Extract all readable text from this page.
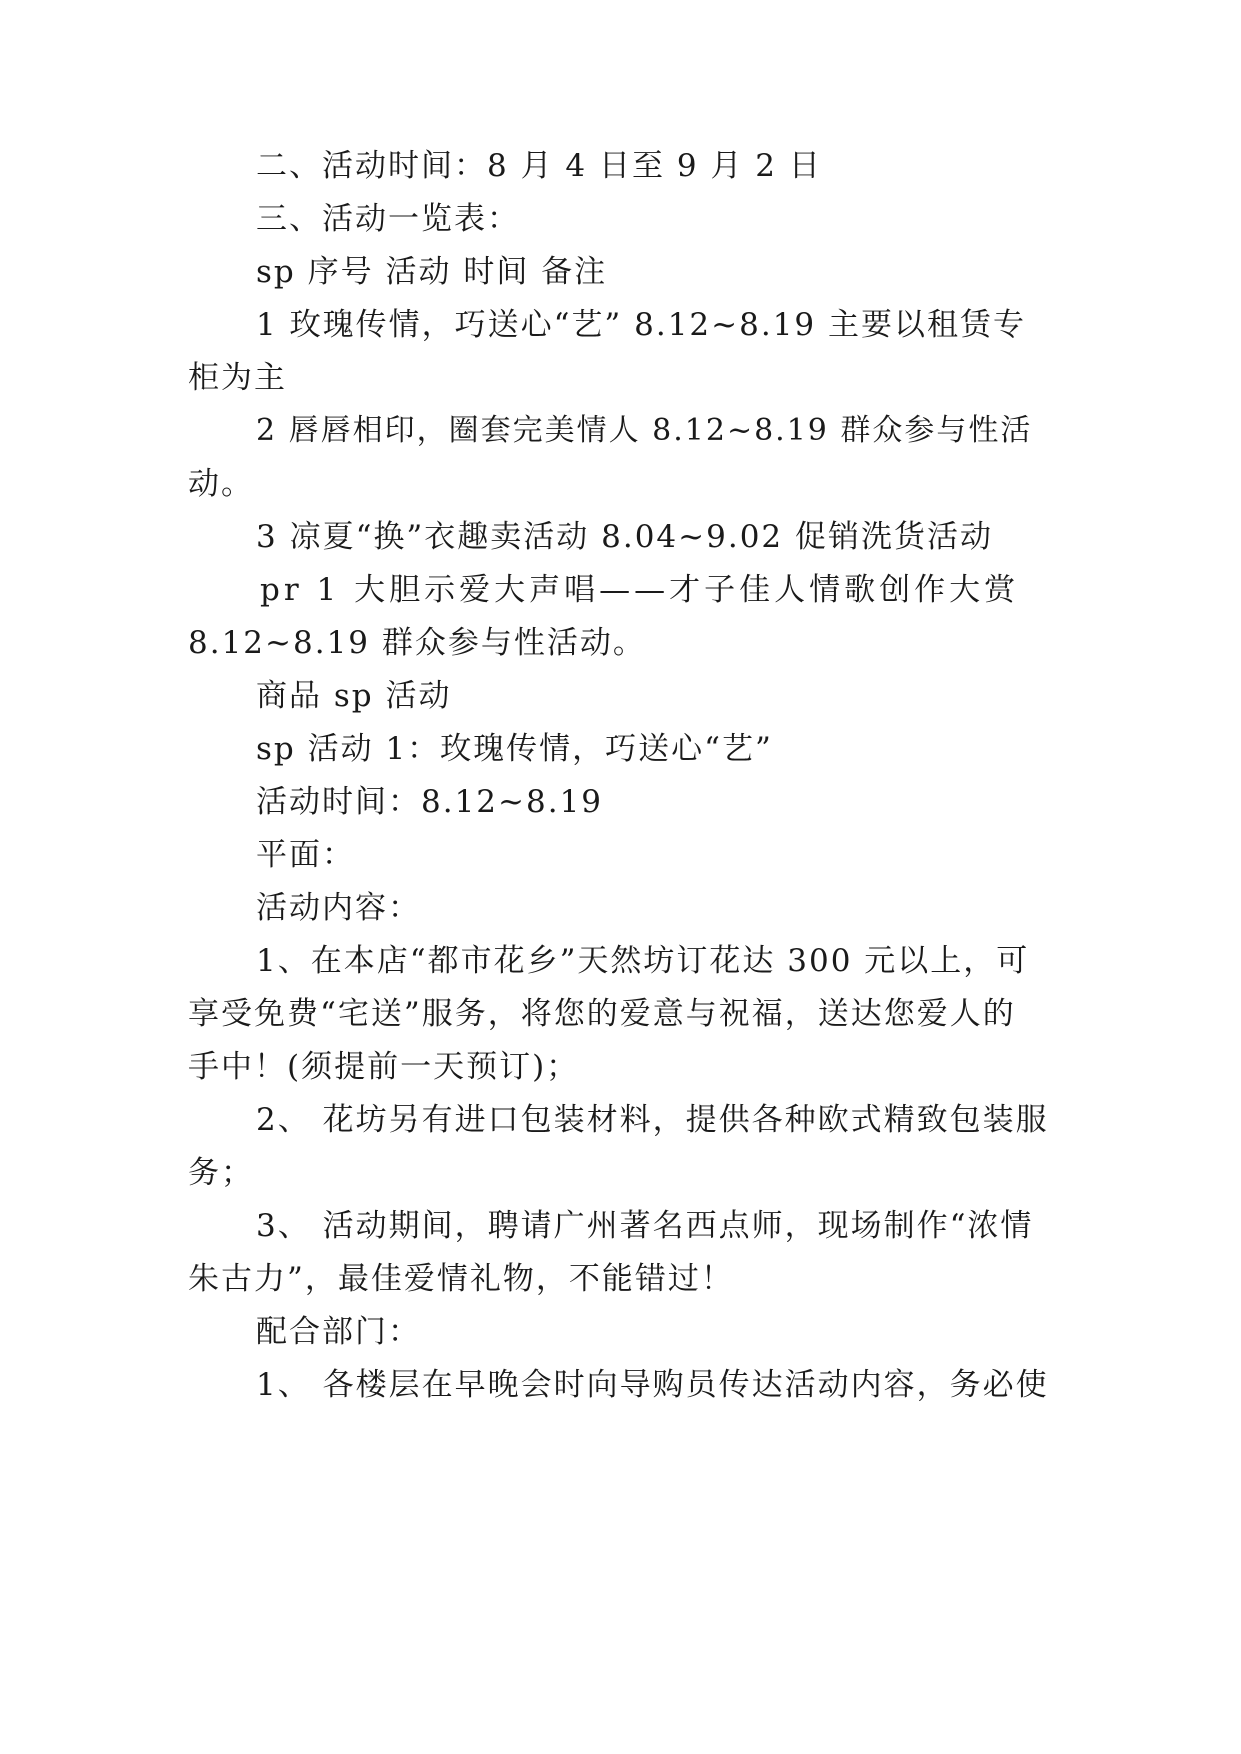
二、活动时间：8 月 4 日至 9 月 2 日

三、活动一览表：

sp 序号 活动 时间 备注

1 玫瑰传情，巧送心“艺” 8.12~8.19 主要以租赁专

柜为主

2 唇唇相印，圈套完美情人 8.12~8.19 群众参与性活

动。

3 凉夏“换”衣趣卖活动 8.04~9.02 促销洗货活动

pr 1 大胆示爱大声唱——才子佳人情歌创作大赏

8.12~8.19 群众参与性活动。

商品 sp 活动

sp 活动 1：玫瑰传情，巧送心“艺”

活动时间：8.12~8.19

平面：

活动内容：

1、在本店“都市花乡”天然坊订花达 300 元以上，可

享受免费“宅送”服务，将您的爱意与祝福，送达您爱人的

手中！(须提前一天预订)；

2、 花坊另有进口包装材料，提供各种欧式精致包装服

务；

3、 活动期间，聘请广州著名西点师，现场制作“浓情

朱古力”，最佳爱情礼物，不能错过！

配合部门：

1、 各楼层在早晚会时向导购员传达活动内容，务必使
